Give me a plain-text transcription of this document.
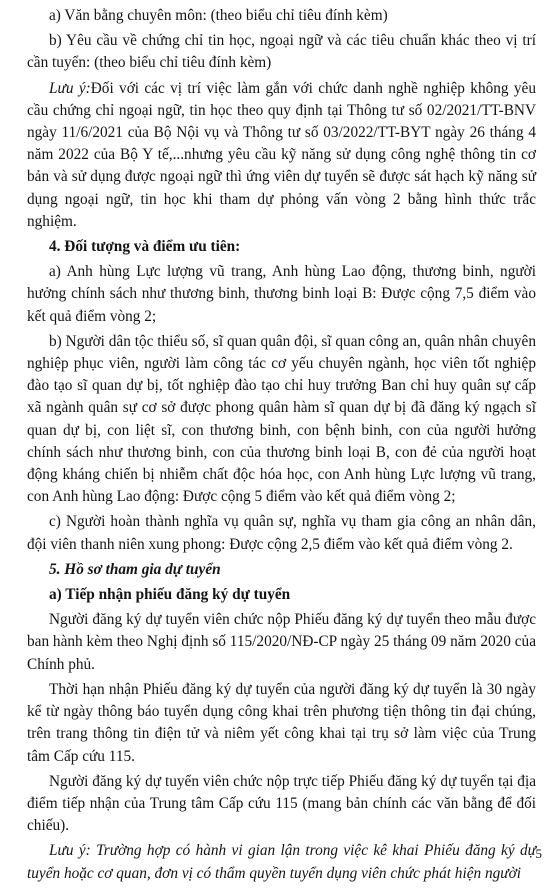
a) Văn bằng chuyên môn: (theo biểu chỉ tiêu đính kèm)

b) Yêu cầu về chứng chỉ tin học, ngoại ngữ và các tiêu chuẩn khác theo vị trí cần tuyển: (theo biểu chỉ tiêu đính kèm)

Lưu ý:Đối với các vị trí việc làm gắn với chức danh nghề nghiệp không yêu cầu chứng chỉ ngoại ngữ, tin học theo quy định tại Thông tư số 02/2021/TT-BNV ngày 11/6/2021 của Bộ Nội vụ và Thông tư số 03/2022/TT-BYT ngày 26 tháng 4 năm 2022 của Bộ Y tế,...nhưng yêu cầu kỹ năng sử dụng công nghệ thông tin cơ bản và sử dụng được ngoại ngữ thì ứng viên dự tuyển sẽ được sát hạch kỹ năng sử dụng ngoại ngữ, tin học khi tham dự phỏng vấn vòng 2 bằng hình thức trắc nghiệm.

4. Đối tượng và điểm ưu tiên:

a) Anh hùng Lực lượng vũ trang, Anh hùng Lao động, thương binh, người hưởng chính sách như thương binh, thương binh loại B: Được cộng 7,5 điểm vào kết quả điểm vòng 2;

b) Người dân tộc thiểu số, sĩ quan quân đội, sĩ quan công an, quân nhân chuyên nghiệp phục viên, người làm công tác cơ yếu chuyên ngành, học viên tốt nghiệp đào tạo sĩ quan dự bị, tốt nghiệp đào tạo chỉ huy trưởng Ban chỉ huy quân sự cấp xã ngành quân sự cơ sở được phong quân hàm sĩ quan dự bị đã đăng ký ngạch sĩ quan dự bị, con liệt sĩ, con thương binh, con bệnh binh, con của người hưởng chính sách như thương binh, con của thương binh loại B, con đẻ của người hoạt động kháng chiến bị nhiễm chất độc hóa học, con Anh hùng Lực lượng vũ trang, con Anh hùng Lao động: Được cộng 5 điểm vào kết quả điểm vòng 2;

c) Người hoàn thành nghĩa vụ quân sự, nghĩa vụ tham gia công an nhân dân, đội viên thanh niên xung phong: Được cộng 2,5 điểm vào kết quả điểm vòng 2.

5. Hồ sơ tham gia dự tuyển

a) Tiếp nhận phiếu đăng ký dự tuyển

Người đăng ký dự tuyển viên chức nộp Phiếu đăng ký dự tuyển theo mẫu được ban hành kèm theo Nghị định số 115/2020/NĐ-CP ngày 25 tháng 09 năm 2020 của Chính phủ.

Thời hạn nhận Phiếu đăng ký dự tuyển của người đăng ký dự tuyển là 30 ngày kể từ ngày thông báo tuyển dụng công khai trên phương tiện thông tin đại chúng, trên trang thông tin điện tử và niêm yết công khai tại trụ sở làm việc của Trung tâm Cấp cứu 115.

Người đăng ký dự tuyển viên chức nộp trực tiếp Phiếu đăng ký dự tuyển tại địa điểm tiếp nhận của Trung tâm Cấp cứu 115 (mang bản chính các văn bằng để đối chiếu).

Lưu ý: Trường hợp có hành vi gian lận trong việc kê khai Phiếu đăng ký dự tuyển hoặc cơ quan, đơn vị có thẩm quyền tuyển dụng viên chức phát hiện người

5
